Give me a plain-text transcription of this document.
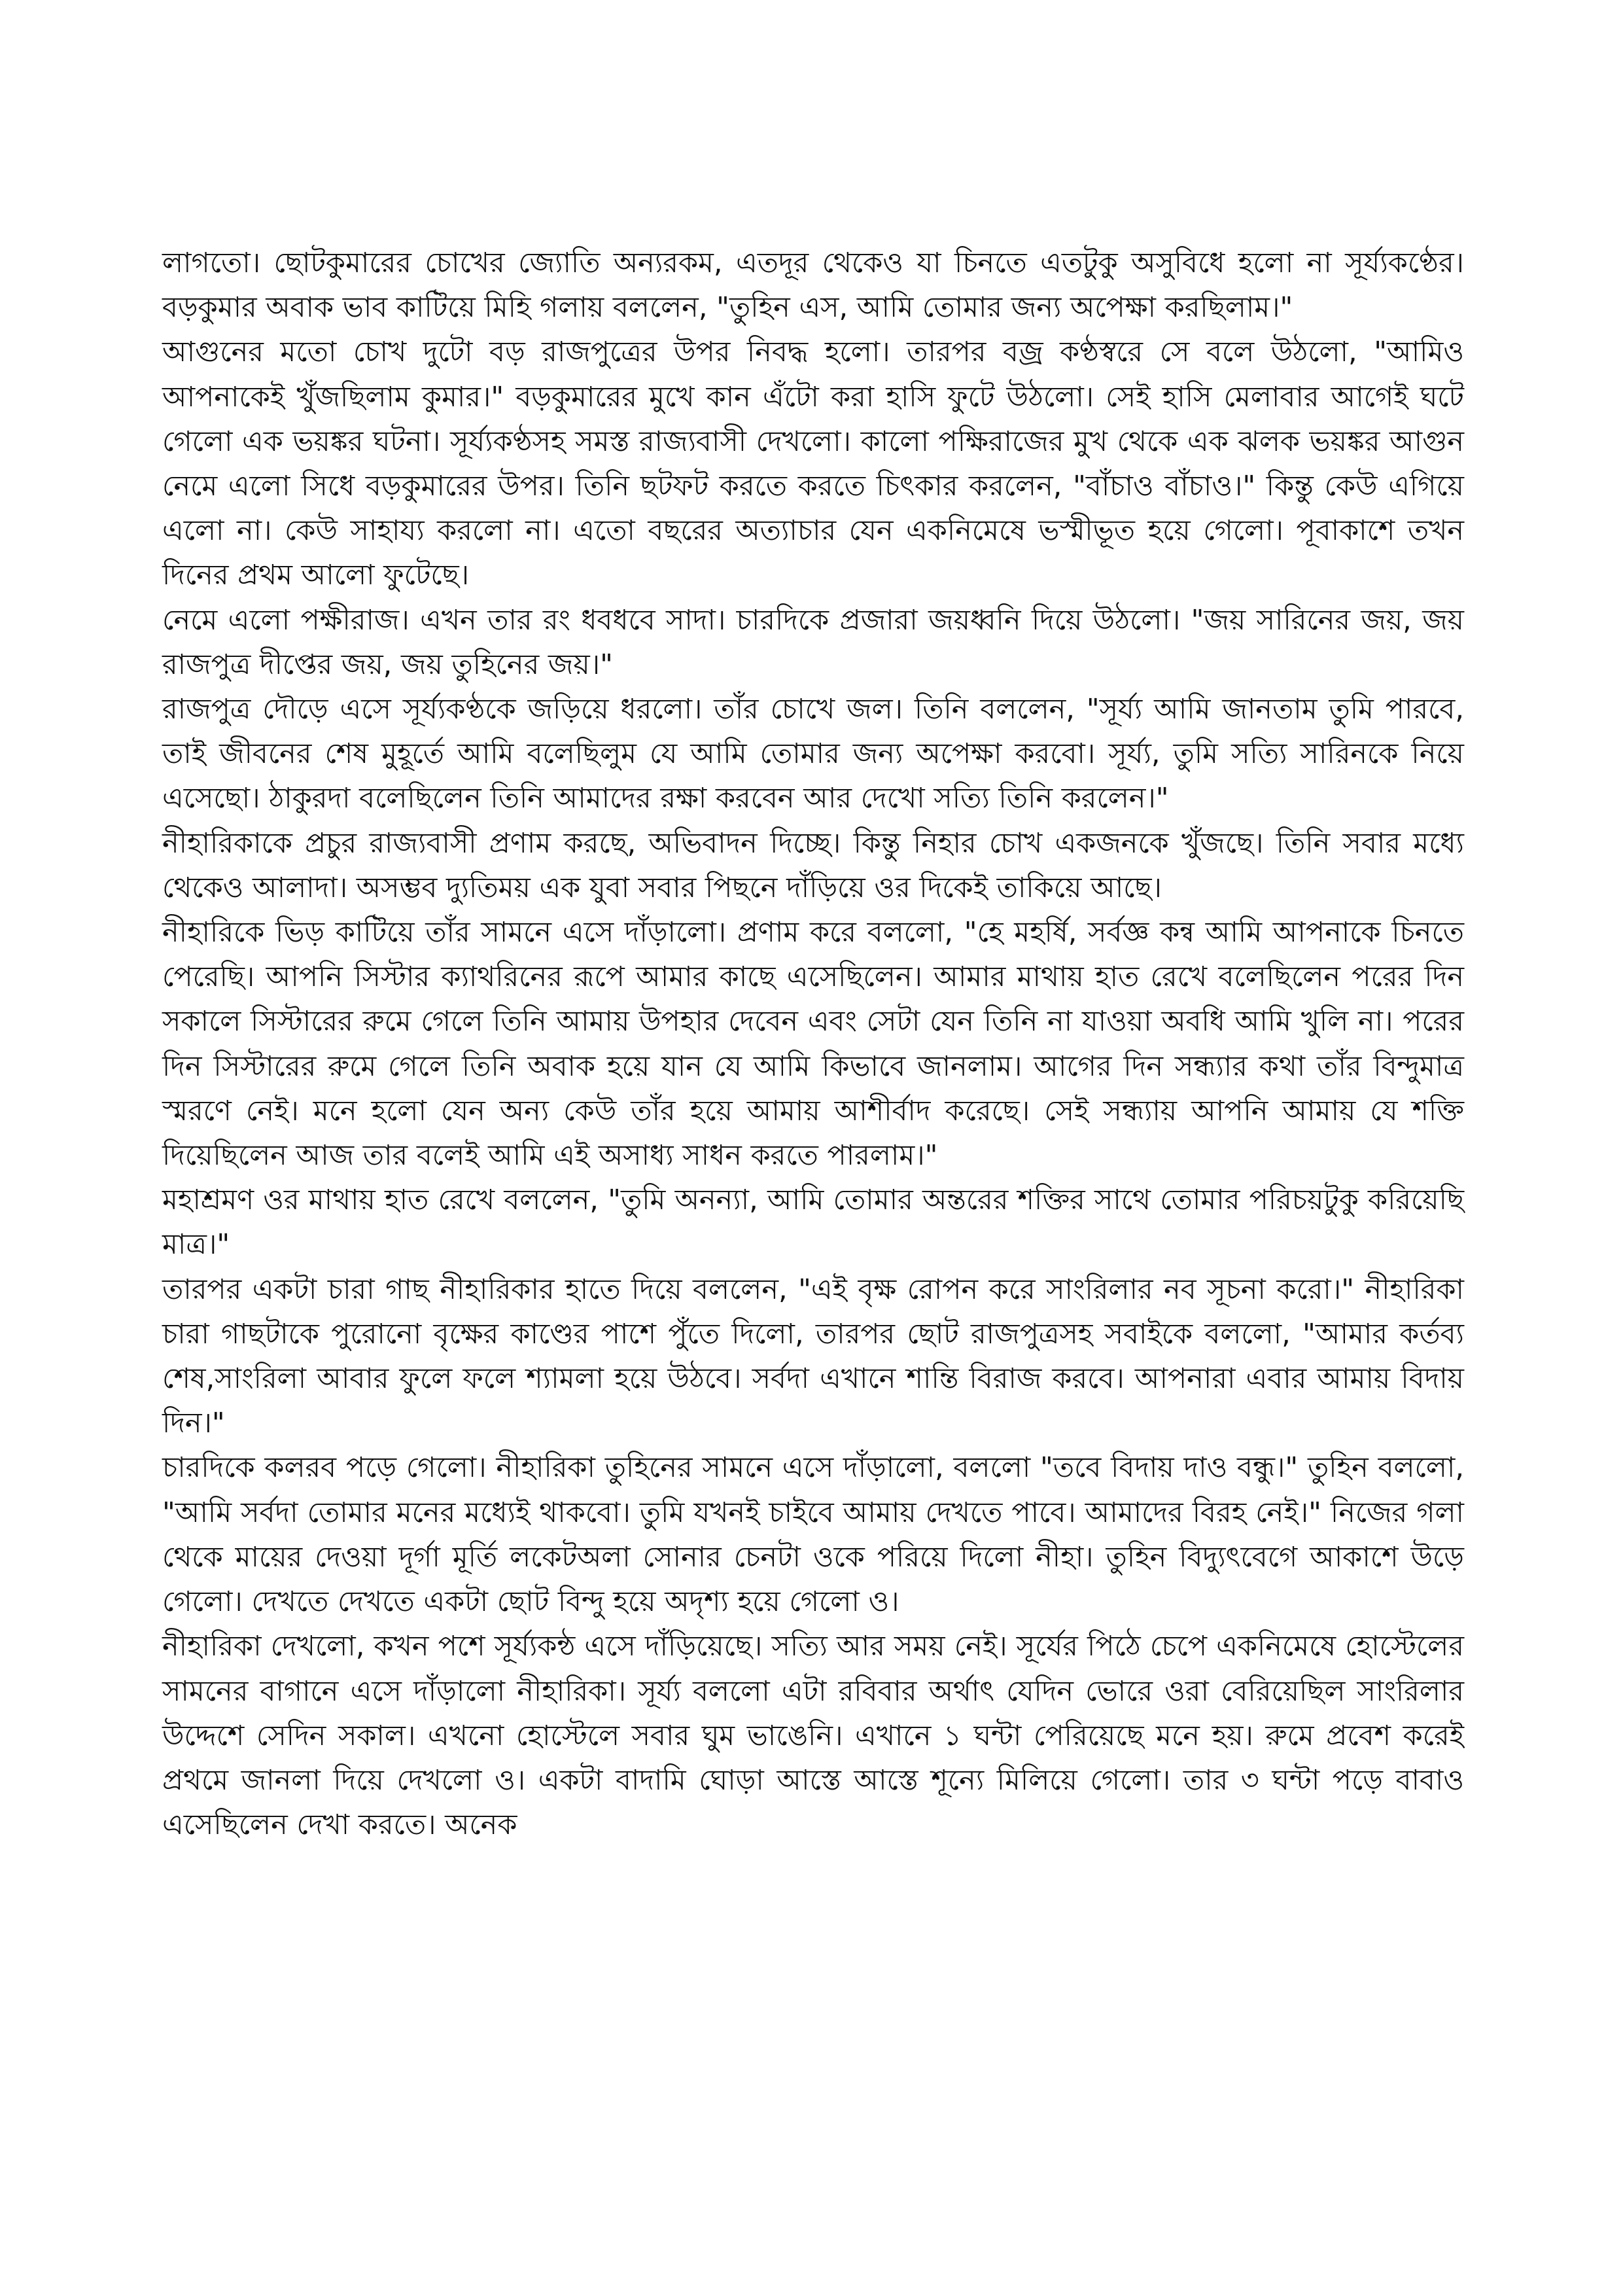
লাগতো। ছোটকুমারের চোখের জ্যোতি অন্যরকম, এতদূর থেকেও যা চিনতে এতটুকু অসুবিধে হলো না সূর্য্যকণ্ঠের।বড়কুমার অবাক ভাব কাটিয়ে মিহি গলায় বললেন, "তুহিন এস, আমি তোমার জন্য অপেক্ষা করছিলাম।"

আগুনের মতো চোখ দুটো বড় রাজপুত্রের উপর নিবদ্ধ হলো। তারপর বজ্র কণ্ঠস্বরে সে বলে উঠলো, "আমিও আপনাকেই খুঁজছিলাম কুমার।" বড়কুমারের মুখে কান এঁটো করা হাসি ফুটে উঠলো। সেই হাসি মেলাবার আগেই ঘটে গেলো এক ভয়ঙ্কর ঘটনা। সূর্য্যকণ্ঠসহ সমস্ত রাজ্যবাসী দেখলো। কালো পক্ষিরাজের মুখ থেকে এক ঝলক ভয়ঙ্কর আগুন নেমে এলো সিধে বড়কুমারের উপর। তিনি ছটফট করতে করতে চিৎকার করলেন, "বাঁচাও বাঁচাও।" কিন্তু কেউ এগিয়ে এলো না। কেউ সাহায্য করলো না। এতো বছরের অত্যাচার যেন একনিমেষে ভস্মীভূত হয়ে গেলো। পূবাকাশে তখন দিনের প্রথম আলো ফুটেছে।

নেমে এলো পক্ষীরাজ। এখন তার রং ধবধবে সাদা। চারদিকে প্রজারা জয়ধ্বনি দিয়ে উঠলো। "জয় সারিনের জয়, জয় রাজপুত্র দীপ্তের জয়, জয় তুহিনের জয়।"

রাজপুত্র দৌড়ে এসে সূর্য্যকণ্ঠকে জড়িয়ে ধরলো। তাঁর চোখে জল। তিনি বললেন, "সূর্য্য আমি জানতাম তুমি পারবে, তাই জীবনের শেষ মুহূর্তে আমি বলেছিলুম যে আমি তোমার জন্য অপেক্ষা করবো। সূর্য্য, তুমি সত্যি সারিনকে নিয়ে এসেছো। ঠাকুরদা বলেছিলেন তিনি আমাদের রক্ষা করবেন আর দেখো সত্যি তিনি করলেন।"

নীহারিকাকে প্রচুর রাজ্যবাসী প্রণাম করছে, অভিবাদন দিচ্ছে। কিন্তু নিহার চোখ একজনকে খুঁজছে। তিনি সবার মধ্যে থেকেও আলাদা। অসম্ভব দ্যুতিময় এক যুবা সবার পিছনে দাঁড়িয়ে ওর দিকেই তাকিয়ে আছে।

নীহারিকে ভিড় কাটিয়ে তাঁর সামনে এসে দাঁড়ালো। প্রণাম করে বললো, "হে মহর্ষি, সর্বজ্ঞ কন্ব আমি আপনাকে চিনতে পেরেছি। আপনি সিস্টার ক্যাথরিনের রূপে আমার কাছে এসেছিলেন। আমার মাথায় হাত রেখে বলেছিলেন পরের দিন সকালে সিস্টারের রুমে গেলে তিনি আমায় উপহার দেবেন এবং সেটা যেন তিনি না যাওয়া অবধি আমি খুলি না। পরের দিন সিস্টারের রুমে গেলে তিনি অবাক হয়ে যান যে আমি কিভাবে জানলাম। আগের দিন সন্ধ্যার কথা তাঁর বিন্দুমাত্র স্মরণে নেই। মনে হলো যেন অন্য কেউ তাঁর হয়ে আমায় আশীর্বাদ করেছে। সেই সন্ধ্যায় আপনি আমায় যে শক্তি দিয়েছিলেন আজ তার বলেই আমি এই অসাধ্য সাধন করতে পারলাম।"

মহাশ্রমণ ওর মাথায় হাত রেখে বললেন, "তুমি অনন্যা, আমি তোমার অন্তরের শক্তির সাথে তোমার পরিচয়টুকু করিয়েছি মাত্র।"

তারপর একটা চারা গাছ নীহারিকার হাতে দিয়ে বললেন, "এই বৃক্ষ রোপন করে সাংরিলার নব সূচনা করো।" নীহারিকা চারা গাছটাকে পুরোনো বৃক্ষের কাণ্ডের পাশে পুঁতে দিলো, তারপর ছোট রাজপুত্রসহ সবাইকে বললো, "আমার কর্তব্য শেষ,সাংরিলা আবার ফুলে ফলে শ্যামলা হয়ে উঠবে। সর্বদা এখানে শান্তি বিরাজ করবে। আপনারা এবার আমায় বিদায় দিন।"

চারদিকে কলরব পড়ে গেলো। নীহারিকা তুহিনের সামনে এসে দাঁড়ালো, বললো "তবে বিদায় দাও বন্ধু।" তুহিন বললো, "আমি সর্বদা তোমার মনের মধ্যেই থাকবো। তুমি যখনই চাইবে আমায় দেখতে পাবে। আমাদের বিরহ নেই।" নিজের গলা থেকে মায়ের দেওয়া দূর্গা মূর্তি লকেটঅলা সোনার চেনটা ওকে পরিয়ে দিলো নীহা। তুহিন বিদ্যুৎবেগে আকাশে উড়ে গেলো। দেখতে দেখতে একটা ছোট বিন্দু হয়ে অদৃশ্য হয়ে গেলো ও।

নীহারিকা দেখলো, কখন পশে সূর্য্যকন্ঠ এসে দাঁড়িয়েছে। সত্যি আর সময় নেই। সূর্যের পিঠে চেপে একনিমেষে হোস্টেলের সামনের বাগানে এসে দাঁড়ালো নীহারিকা। সূর্য্য বললো এটা রবিবার অর্থাৎ যেদিন ভোরে ওরা বেরিয়েছিল সাংরিলার উদ্দেশে সেদিন সকাল। এখনো হোস্টেলে সবার ঘুম ভাঙেনি। এখানে ১ ঘন্টা পেরিয়েছে মনে হয়। রুমে প্রবেশ করেই প্রথমে জানলা দিয়ে দেখলো ও। একটা বাদামি ঘোড়া আস্তে আস্তে শূন্যে মিলিয়ে গেলো। তার ৩ ঘন্টা পড়ে বাবাও এসেছিলেন দেখা করতে। অনেক
